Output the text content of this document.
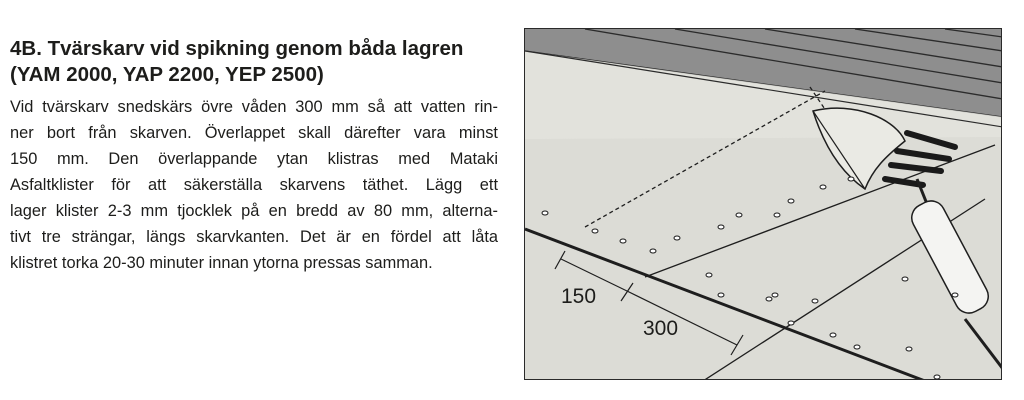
4B. Tvärskarv vid spikning genom båda lagren
(YAM 2000, YAP 2200, YEP 2500)

Vid tvärskarv snedskärs övre våden 300 mm så att vatten rin-
ner bort från skarven. Överlappet skall därefter vara minst
150 mm. Den överlappande ytan klistras med Mataki
Asfaltklister för att säkerställa skarvens täthet. Lägg ett
lager klister 2-3 mm tjocklek på en bredd av 80 mm, alterna-
tivt tre strängar, längs skarvkanten. Det är en fördel att låta
klistret torka 20-30 minuter innan ytorna pressas samman.

150
300
